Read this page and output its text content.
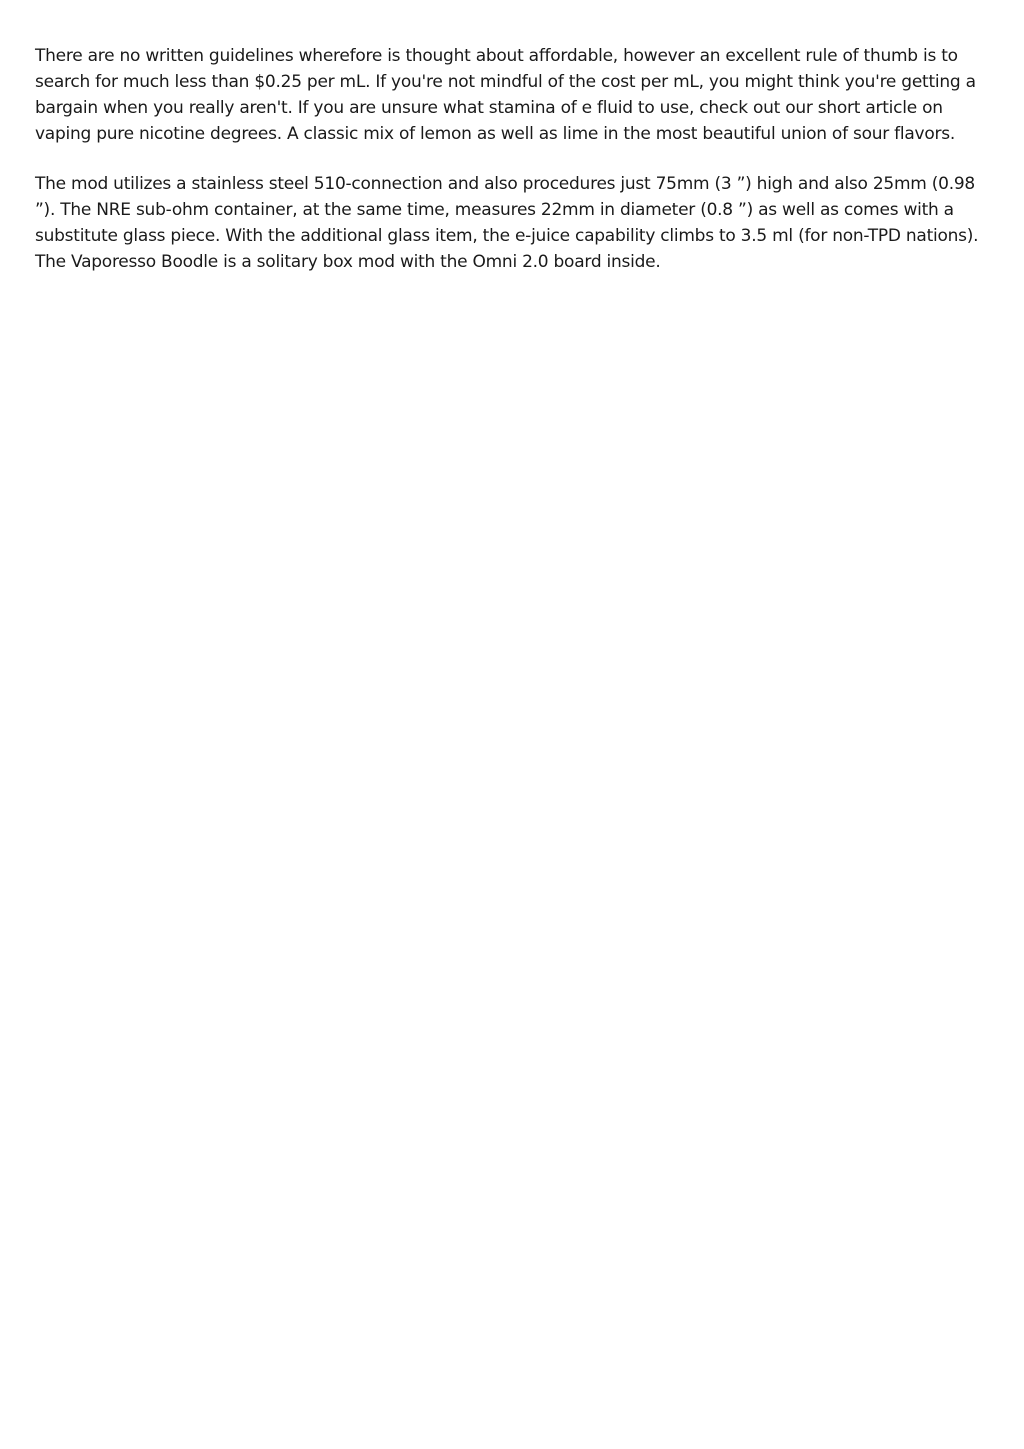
There are no written guidelines wherefore is thought about affordable, however an excellent rule of thumb is to search for much less than $0.25 per mL. If you're not mindful of the cost per mL, you might think you're getting a bargain when you really aren't. If you are unsure what stamina of e fluid to use, check out our short article on vaping pure nicotine degrees. A classic mix of lemon as well as lime in the most beautiful union of sour flavors.

The mod utilizes a stainless steel 510-connection and also procedures just 75mm (3 ”) high and also 25mm (0.98 ”). The NRE sub-ohm container, at the same time, measures 22mm in diameter (0.8 ”) as well as comes with a substitute glass piece. With the additional glass item, the e-juice capability climbs to 3.5 ml (for non-TPD nations). The Vaporesso Boodle is a solitary box mod with the Omni 2.0 board inside.
